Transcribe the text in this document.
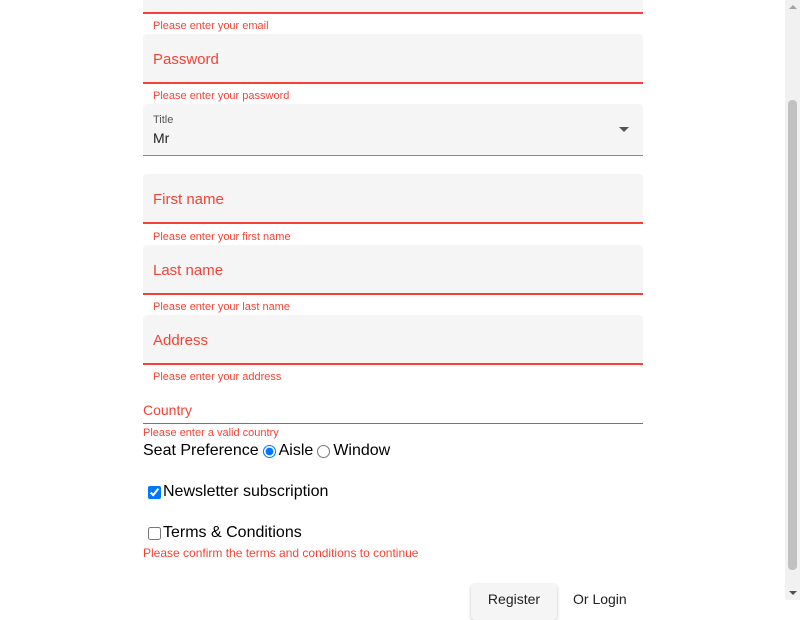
Please enter your email
Password
Please enter your password
Title
Mr
First name
Please enter your first name
Last name
Please enter your last name
Address
Please enter your address
Country
Please enter a valid country
Seat Preference Aisle Window
Newsletter subscription
Terms & Conditions
Please confirm the terms and conditions to continue
Register	Or Login
